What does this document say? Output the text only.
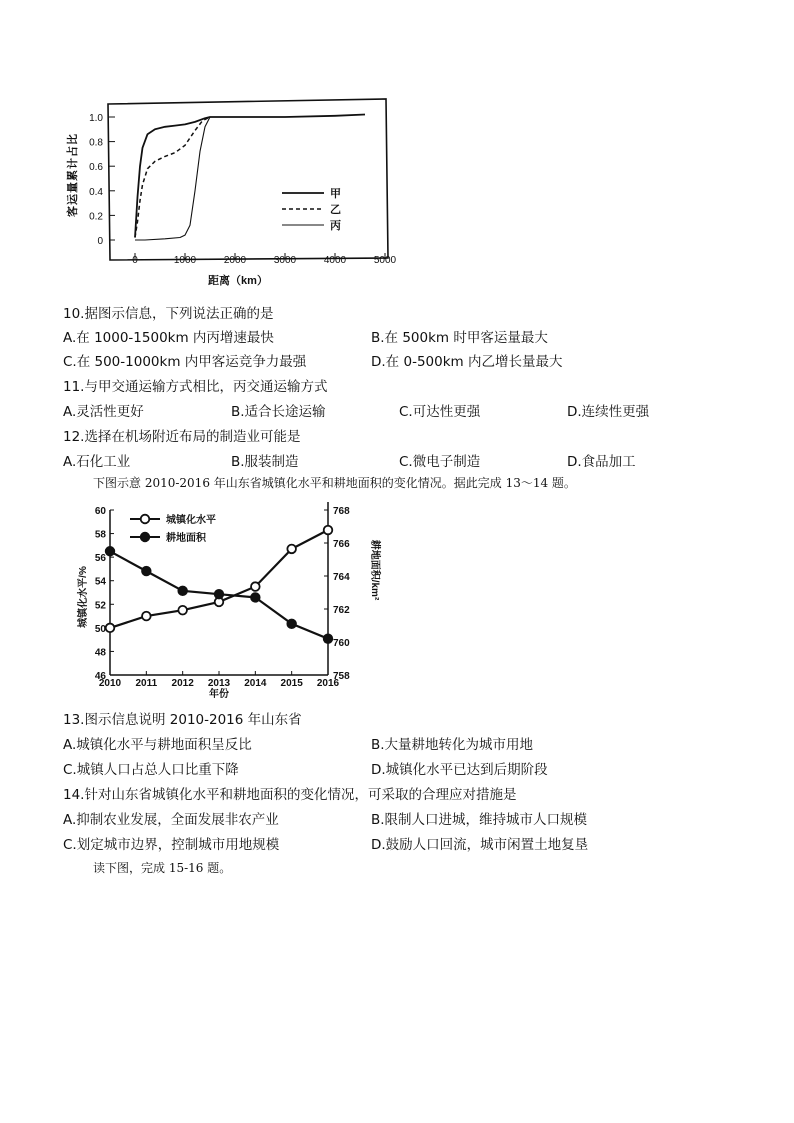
0
0.2
0.4
0.6
0.8
1.0
0	1000	2000	3000	4000	5000
甲
乙
丙
客运量累计占比
距离（km）
10.据图示信息，下列说法正确的是
A.在 1000-1500km 内丙增速最快	B.在 500km 时甲客运量最大
C.在 500-1000km 内甲客运竞争力最强	D.在 0-500km 内乙增长量最大
11.与甲交通运输方式相比，丙交通运输方式
A.灵活性更好	B.适合长途运输	C.可达性更强	D.连续性更强
12.选择在机场附近布局的制造业可能是
A.石化工业	B.服装制造	C.微电子制造	D.食品加工
下图示意 2010-2016 年山东省城镇化水平和耕地面积的变化情况。据此完成 13～14 题。
46
48
50
52
54
56
58
60
758
760
762
764
766
768
2010 2011 2012 2013 2014 2015 2016
城镇化水平
耕地面积
城镇化水平/%	耕地面积/km²
年份
13.图示信息说明 2010-2016 年山东省
A.城镇化水平与耕地面积呈反比	B.大量耕地转化为城市用地
C.城镇人口占总人口比重下降	D.城镇化水平已达到后期阶段
14.针对山东省城镇化水平和耕地面积的变化情况，可采取的合理应对措施是
A.抑制农业发展，全面发展非农产业	B.限制人口进城，维持城市人口规模
C.划定城市边界，控制城市用地规模	D.鼓励人口回流，城市闲置土地复垦
读下图，完成 15-16 题。
